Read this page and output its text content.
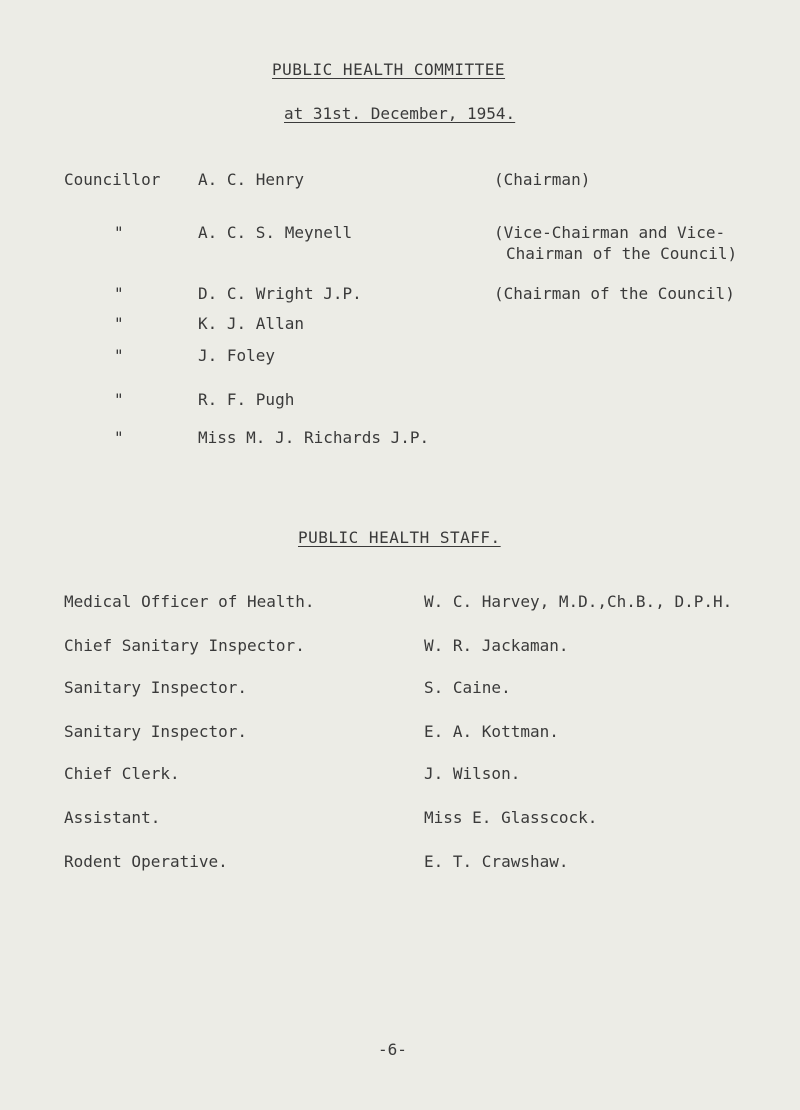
PUBLIC HEALTH COMMITTEE
at 31st. December, 1954.
Councillor A. C. Henry	(Chairman)
"	A. C. S. Meynell	(Vice-Chairman and Vice-
Chairman of the Council)
"	D. C. Wright J.P.	(Chairman of the Council)
"	K. J. Allan
"	J. Foley
"	R. F. Pugh
"	Miss M. J. Richards J.P.
PUBLIC HEALTH STAFF.
Medical Officer of Health.	W. C. Harvey, M.D.,Ch.B., D.P.H.
Chief Sanitary Inspector.	W. R. Jackaman.
Sanitary Inspector.	S. Caine.
Sanitary Inspector.	E. A. Kottman.
Chief Clerk.	J. Wilson.
Assistant.	Miss E. Glasscock.
Rodent Operative.	E. T. Crawshaw.
-6-
